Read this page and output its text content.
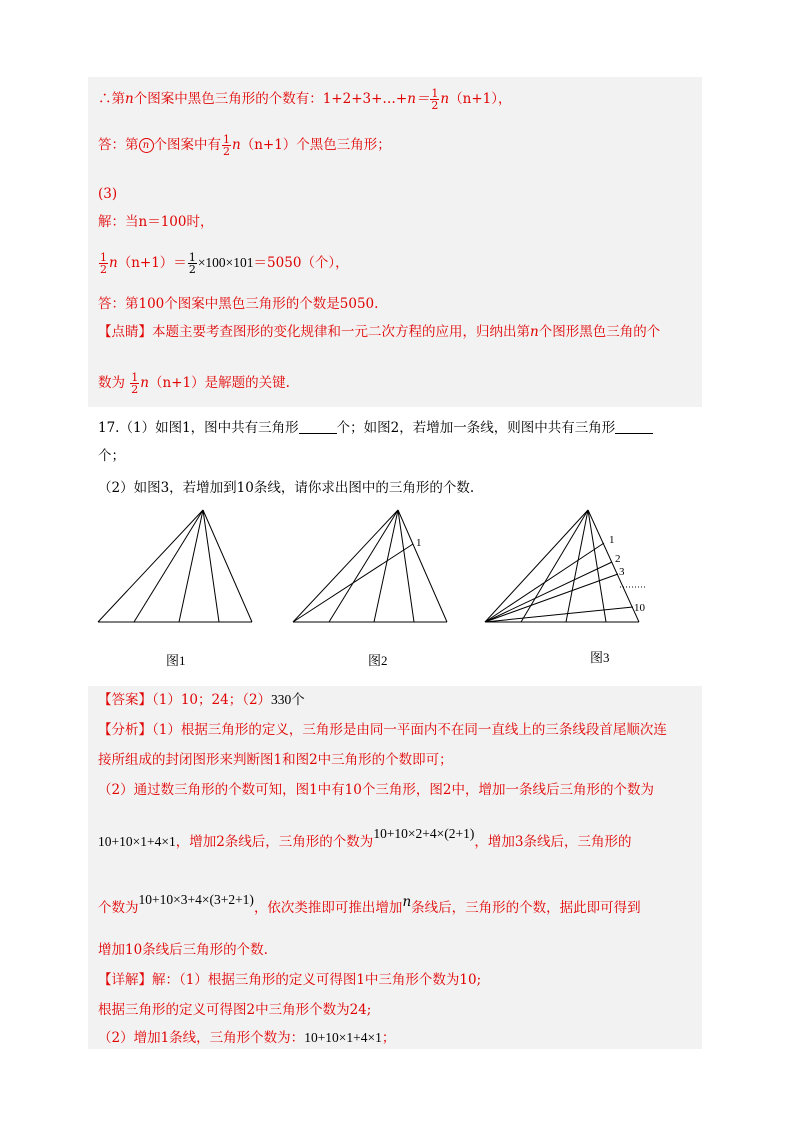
∴第n个图案中黑色三角形的个数有：1+2+3+…+n＝ $\frac{1}{2} n(n+1)$，
答：第 n 个图案中有 $\frac{1}{2} n(n+1)$个黑色三角形；
(3)
解：当n＝100时，
$\frac{1}{2} n(n+1)= \frac{1}{2} \times 100\times 101=5050$（个），
答：第100个图案中黑色三角形的个数是5050.
【点睛】本题主要考查图形的变化规律和一元二次方程的应用，归纳出第n个图形黑色三角的个
数为 $\frac{1}{2} n(n+1)$是解题的关键.
17.（1）如图1，图中共有三角形	个；如图2，若增加一条线，则图中共有三角形
个；
（2）如图3，若增加到10条线，请你求出图中的三角形的个数.
图1
1
图2
1
2
3
10
图3
【答案】（1）10；24；（2）330个
【分析】（1）根据三角形的定义，三角形是由同一平面内不在同一直线上的三条线段首尾顺次连
接所组成的封闭图形来判断图1和图2中三角形的个数即可；
（2）通过数三角形的个数可知，图1中有10个三角形，图2中，增加一条线后三角形的个数为
10+10×1+4×1，增加2条线后，三角形的个数为10+10×2+4×(2+1)，增加3条线后，三角形的
个数为10+10×3+4×(3+2+1)，依次类推即可推出增加n条线后，三角形的个数，据此即可得到
增加10条线后三角形的个数.
【详解】解：（1）根据三角形的定义可得图1中三角形个数为10;
根据三角形的定义可得图2中三角形个数为24;
（2）增加1条线，三角形个数为：10+10×1+4×1；
